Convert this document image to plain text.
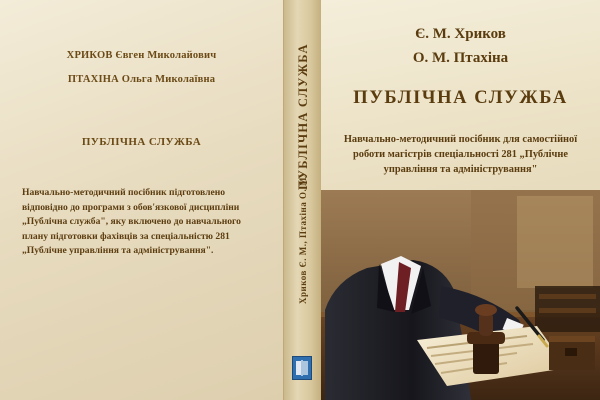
ХРИКОВ Євген Миколайович
ПТАХІНА Ольга Миколаївна
ПУБЛІЧНА СЛУЖБА
Навчально-методичний посібник підготовлено відповідно до програми з обов'язкової дисципліни „Публічна служба", яку включено до навчального плану підготовки фахівців за спеціальністю 281 „Публічне управління та адміністрування".	Хриков Є. М., Птахіна О. М.
ПУБЛІЧНА СЛУЖБА
Є. М. Хриков
О. М. Птахіна
ПУБЛІЧНА СЛУЖБА
Навчально-методичний посібник для самостійної роботи магістрів спеціальності 281 „Публічне управління та адміністрування"
